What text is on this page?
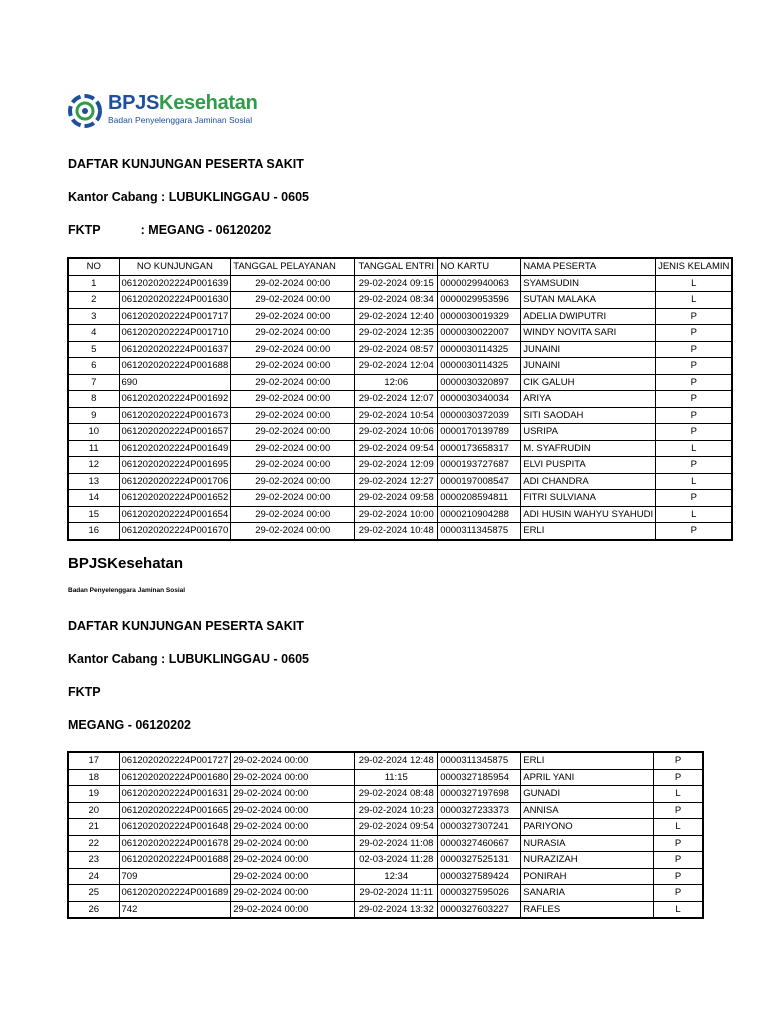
BPJSKesehatan
Badan Penyelenggara Jaminan Sosial
DAFTAR KUNJUNGAN PESERTA SAKIT
Kantor Cabang : LUBUKLINGGAU - 0605
FKTP	: MEGANG - 06120202
NO	NO KUNJUNGAN	TANGGAL PELAYANAN	TANGGAL ENTRI	NO KARTU	NAMA PESERTA	JENIS KELAMIN
1	0612020202224P001639	29-02-2024 00:00	29-02-2024 09:15	0000029940063	SYAMSUDIN	L
2	0612020202224P001630	29-02-2024 00:00	29-02-2024 08:34	0000029953596	SUTAN MALAKA	L
3	0612020202224P001717	29-02-2024 00:00	29-02-2024 12:40	0000030019329	ADELIA DWIPUTRI	P
4	0612020202224P001710	29-02-2024 00:00	29-02-2024 12:35	0000030022007	WINDY NOVITA SARI	P
5	0612020202224P001637	29-02-2024 00:00	29-02-2024 08:57	0000030114325	JUNAINI	P
6	0612020202224P001688	29-02-2024 00:00	29-02-2024 12:04	0000030114325	JUNAINI	P
7	690	29-02-2024 00:00	12:06	0000030320897	CIK GALUH	P
8	0612020202224P001692	29-02-2024 00:00	29-02-2024 12:07	0000030340034	ARIYA	P
9	0612020202224P001673	29-02-2024 00:00	29-02-2024 10:54	0000030372039	SITI SAODAH	P
10	0612020202224P001657	29-02-2024 00:00	29-02-2024 10:06	0000170139789	USRIPA	P
11	0612020202224P001649	29-02-2024 00:00	29-02-2024 09:54	0000173658317	M. SYAFRUDIN	L
12	0612020202224P001695	29-02-2024 00:00	29-02-2024 12:09	0000193727687	ELVI PUSPITA	P
13	0612020202224P001706	29-02-2024 00:00	29-02-2024 12:27	0000197008547	ADI CHANDRA	L
14	0612020202224P001652	29-02-2024 00:00	29-02-2024 09:58	0000208594811	FITRI SULVIANA	P
15	0612020202224P001654	29-02-2024 00:00	29-02-2024 10:00	0000210904288	ADI HUSIN WAHYU SYAHUDI	L
16	0612020202224P001670	29-02-2024 00:00	29-02-2024 10:48	0000311345875	ERLI	P
BPJSKesehatan
Badan Penyelenggara Jaminan Sosial
DAFTAR KUNJUNGAN PESERTA SAKIT
Kantor Cabang : LUBUKLINGGAU - 0605
FKTP
MEGANG - 06120202
17	0612020202224P001727	29-02-2024 00:00	29-02-2024 12:48	0000311345875	ERLI	P
18	0612020202224P001680	29-02-2024 00:00	11:15	0000327185954	APRIL YANI	P
19	0612020202224P001631	29-02-2024 00:00	29-02-2024 08:48	0000327197698	GUNADI	L
20	0612020202224P001665	29-02-2024 00:00	29-02-2024 10:23	0000327233373	ANNISA	P
21	0612020202224P001648	29-02-2024 00:00	29-02-2024 09:54	0000327307241	PARIYONO	L
22	0612020202224P001678	29-02-2024 00:00	29-02-2024 11:08	0000327460667	NURASIA	P
23	0612020202224P001688	29-02-2024 00:00	02-03-2024 11:28	0000327525131	NURAZIZAH	P
24	709	29-02-2024 00:00	12:34	0000327589424	PONIRAH	P
25	0612020202224P001689	29-02-2024 00:00	29-02-2024 11:11	0000327595026	SANARIA	P
26	742	29-02-2024 00:00	29-02-2024 13:32	0000327603227	RAFLES	L
